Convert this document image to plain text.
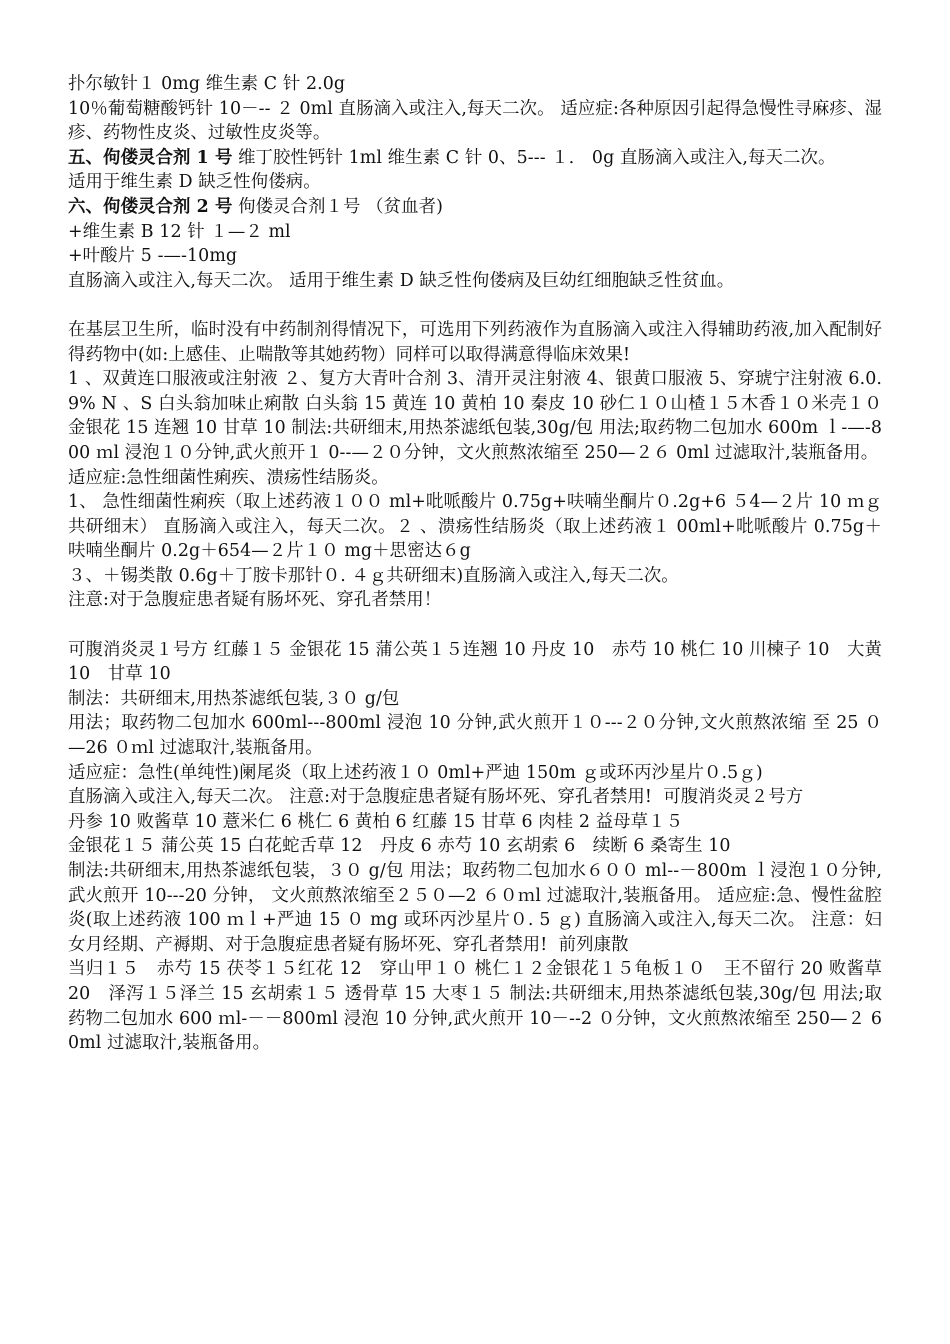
扑尔敏针１ 0mg 维生素 C 针 2.0g

10％葡萄糖酸钙针 10－-- ２ 0ml 直肠滴入或注入,每天二次。 适应症:各种原因引起得急慢性寻麻疹、湿疹、药物性皮炎、过敏性皮炎等。

五、佝偻灵合剂 1 号 维丁胶性钙针 1ml 维生素 C 针 0、5--- １． 0g 直肠滴入或注入,每天二次。

适用于维生素 D 缺乏性佝偻病。

六、佝偻灵合剂 2 号 佝偻灵合剂１号 （贫血者)

+维生素 B 12 针 １—２ ml

+叶酸片 5 -—-10mg

直肠滴入或注入,每天二次。 适用于维生素 D 缺乏性佝偻病及巨幼红细胞缺乏性贫血。

在基层卫生所，临时没有中药制剂得情况下，可选用下列药液作为直肠滴入或注入得辅助药液,加入配制好得药物中(如:上感佳、止喘散等其她药物）同样可以取得满意得临床效果!

1 、双黄连口服液或注射液 ２、复方大青叶合剂 3、清开灵注射液 4、银黄口服液 5、穿琥宁注射液 6.0.9% N 、S 白头翁加味止痢散 白头翁 15 黄连 10 黄柏 10 秦皮 10 砂仁１０山楂１５木香１０米壳１０金银花 15 连翘 10 甘草 10 制法:共研细末,用热茶滤纸包装,30g/包 用法;取药物二包加水 600m ｌ-—-800 ｍl 浸泡１０分钟,武火煎开１ 0--—２０分钟，文火煎熬浓缩至 250—２６ 0ml 过滤取汁,装瓶备用。

适应症:急性细菌性痢疾、溃疡性结肠炎。

1、 急性细菌性痢疾（取上述药液１００ ml+吡哌酸片 0.75g+呋喃坐酮片０.2g+6 ５4—２片 10 ｍｇ共研细末） 直肠滴入或注入，每天二次。２ 、溃疡性结肠炎（取上述药液１ 00ml+吡哌酸片 0.75g＋呋喃坐酮片 0.2g＋654—２片１０ mg＋思密达６g

３、＋锡类散 0.6g＋丁胺卡那针０. ４ｇ共研细末)直肠滴入或注入,每天二次。

注意:对于急腹症患者疑有肠坏死、穿孔者禁用！

可腹消炎灵１号方 红藤１５ 金银花 15 蒲公英１５连翘 10 丹皮 10　赤芍 10 桃仁 10 川楝子 10　大黄 10　甘草 10

制法：共研细末,用热茶滤纸包装,３０ g/包

用法；取药物二包加水 600ml---800ml 浸泡 10 分钟,武火煎开１０---２０分钟,文火煎熬浓缩 至 25 ０—26 ０ｍl 过滤取汁,装瓶备用。

适应症：急性(单纯性)阑尾炎（取上述药液１０ 0ml+严迪 150m ｇ或环丙沙星片０.5ｇ)

直肠滴入或注入,每天二次。 注意:对于急腹症患者疑有肠坏死、穿孔者禁用!  可腹消炎灵２号方

丹参 10 败酱草 10 薏米仁 6 桃仁 6 黄柏 6 红藤 15 甘草 6 肉桂 2 益母草１５

金银花１５ 蒲公英 15 白花蛇舌草 12　丹皮 6 赤芍 10 玄胡索 6　续断 6 桑寄生 10

制法:共研细末,用热茶滤纸包装，３０ g/包 用法；取药物二包加水６００ ml--－800m ｌ浸泡１０分钟,武火煎开 10---20 分钟， 文火煎熬浓缩至２５０—2 ６０ｍl 过滤取汁,装瓶备用。 适应症:急、慢性盆腔炎(取上述药液 100 ｍｌ+严迪 15 ０ mg 或环丙沙星片０. 5 ｇ) 直肠滴入或注入,每天二次。 注意：妇女月经期、产褥期、对于急腹症患者疑有肠坏死、穿孔者禁用!  前列康散

当归１５　赤芍 15 茯苓１５红花 12　穿山甲１０ 桃仁１２金银花１５龟板１０　王不留行 20 败酱草 20　泽泻１５泽兰 15 玄胡索１５ 透骨草 15 大枣１５ 制法:共研细末,用热茶滤纸包装,30g/包 用法;取药物二包加水 600 ｍl-－－800ml 浸泡 10 分钟,武火煎开 10－--2 ０分钟，文火煎熬浓缩至 250—２ 60ml 过滤取汁,装瓶备用。
